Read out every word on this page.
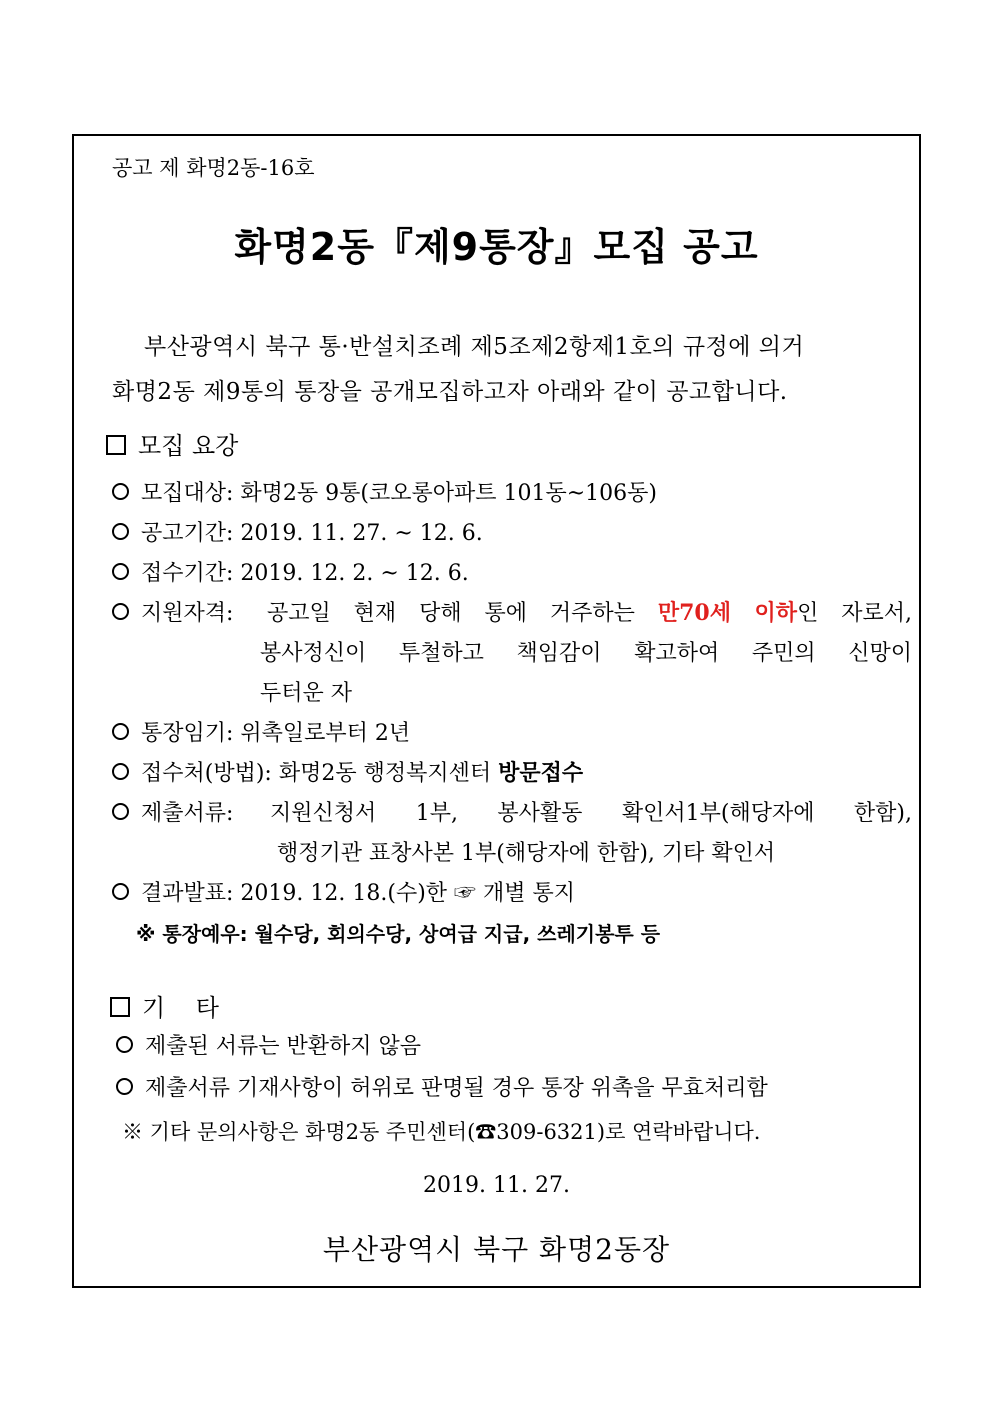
공고 제 화명2동-16호
화명2동『제9통장』모집 공고
부산광역시 북구 통·반설치조례 제5조제2항제1호의 규정에 의거
화명2동 제9통의 통장을 공개모집하고자 아래와 같이 공고합니다.
모집 요강
모집대상: 화명2동 9통(코오롱아파트 101동~106동)
공고기간: 2019. 11. 27. ~ 12. 6.
접수기간: 2019. 12. 2. ~ 12. 6.
지원자격: 공고일 현재 당해 통에 거주하는 만70세 이하인 자로서,
봉사정신이 투철하고 책임감이 확고하여 주민의 신망이
두터운 자
통장임기: 위촉일로부터 2년
접수처(방법): 화명2동 행정복지센터 방문접수
제출서류: 지원신청서 1부, 봉사활동 확인서1부(해당자에 한함),
행정기관 표창사본 1부(해당자에 한함), 기타 확인서
결과발표: 2019. 12. 18.(수)한 ☞ 개별 통지
※ 통장예우: 월수당, 회의수당, 상여급 지급, 쓰레기봉투 등
기    타
제출된 서류는 반환하지 않음
제출서류 기재사항이 허위로 판명될 경우 통장 위촉을 무효처리함
※ 기타 문의사항은 화명2동 주민센터(☎309-6321)로 연락바랍니다.
2019. 11. 27.
부산광역시 북구 화명2동장
